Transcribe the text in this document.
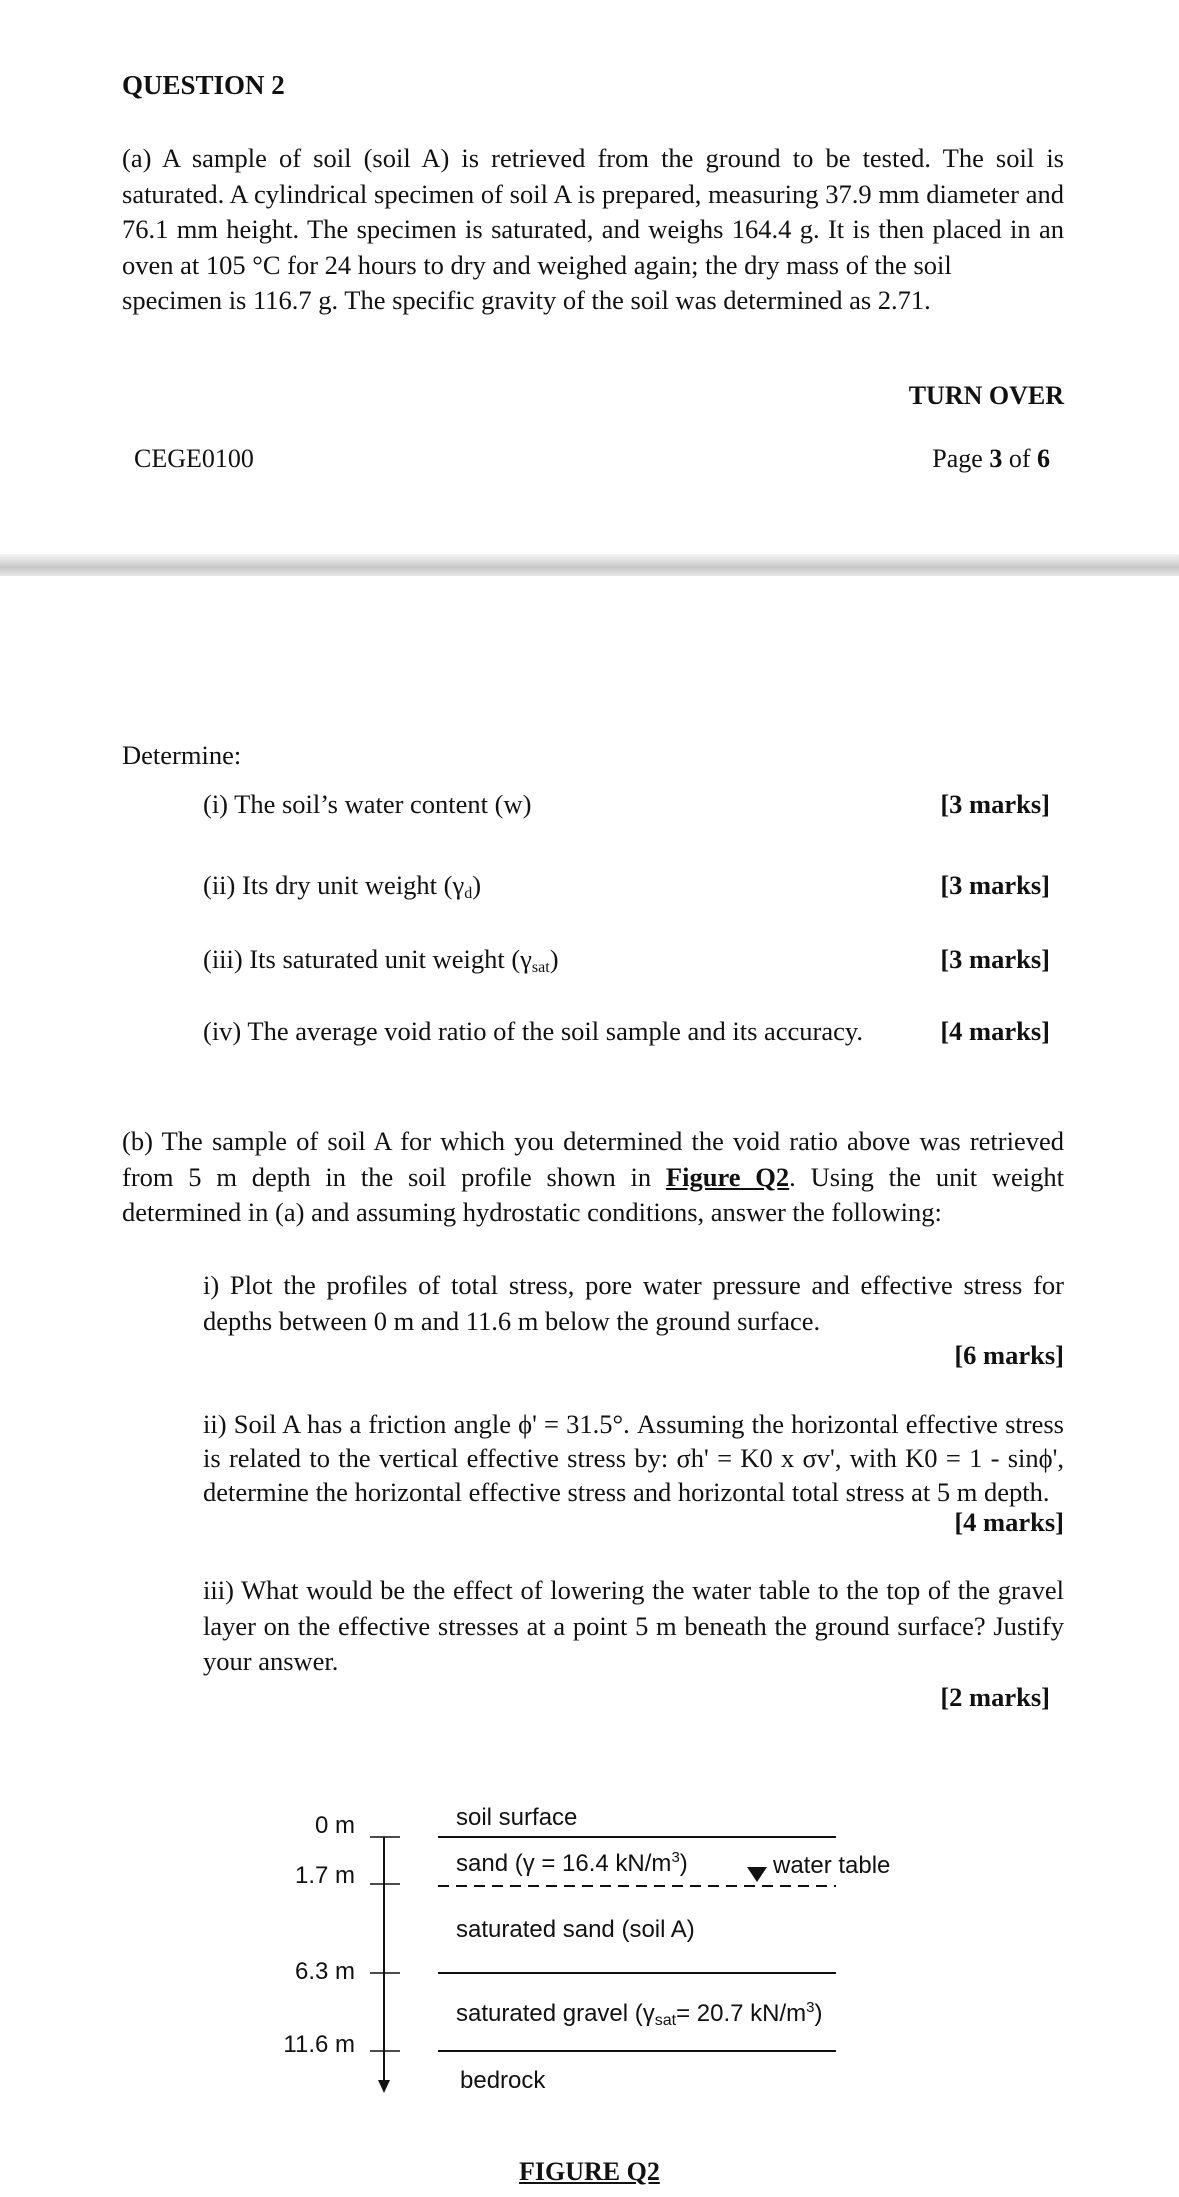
QUESTION 2
(a) A sample of soil (soil A) is retrieved from the ground to be tested. The soil is saturated. A cylindrical specimen of soil A is prepared, measuring 37.9 mm diameter and 76.1 mm height. The specimen is saturated, and weighs 164.4 g. It is then placed in an oven at 105 °C for 24 hours to dry and weighed again; the dry mass of the soil
specimen is 116.7 g. The specific gravity of the soil was determined as 2.71.
TURN OVER
CEGE0100	Page 3 of 6
Determine:
(i) The soil’s water content (w)	[3 marks]
(ii) Its dry unit weight $(\gamma_d)$	[3 marks]
(iii) Its saturated unit weight $(\gamma_{sat})$	[3 marks]
(iv) The average void ratio of the soil sample and its accuracy.	[4 marks]
(b) The sample of soil A for which you determined the void ratio above was retrieved
from 5 m depth in the soil profile shown in Figure Q2. Using the unit weight
determined in (a) and assuming hydrostatic conditions, answer the following:
i) Plot the profiles of total stress, pore water pressure and effective stress for
depths between 0 m and 11.6 m below the ground surface.
[6 marks]
ii) Soil A has a friction angle ϕ' = 31.5°. Assuming the horizontal effective stress
is related to the vertical effective stress by: σh' = K0 x σv', with K0 = 1 - sinϕ',
determine the horizontal effective stress and horizontal total stress at 5 m depth.
[4 marks]
iii) What would be the effect of lowering the water table to the top of the gravel
layer on the effective stresses at a point 5 m beneath the ground surface? Justify
your answer.
[2 marks]
0 m
1.7 m
6.3 m
11.6 m
soil surface
sand (γ = 16.4 $kN/m^3$)	water table
saturated sand (soil A)
saturated gravel ($\gamma_{sat}= 20.7$ $kN/m^3$)
bedrock
FIGURE Q2
